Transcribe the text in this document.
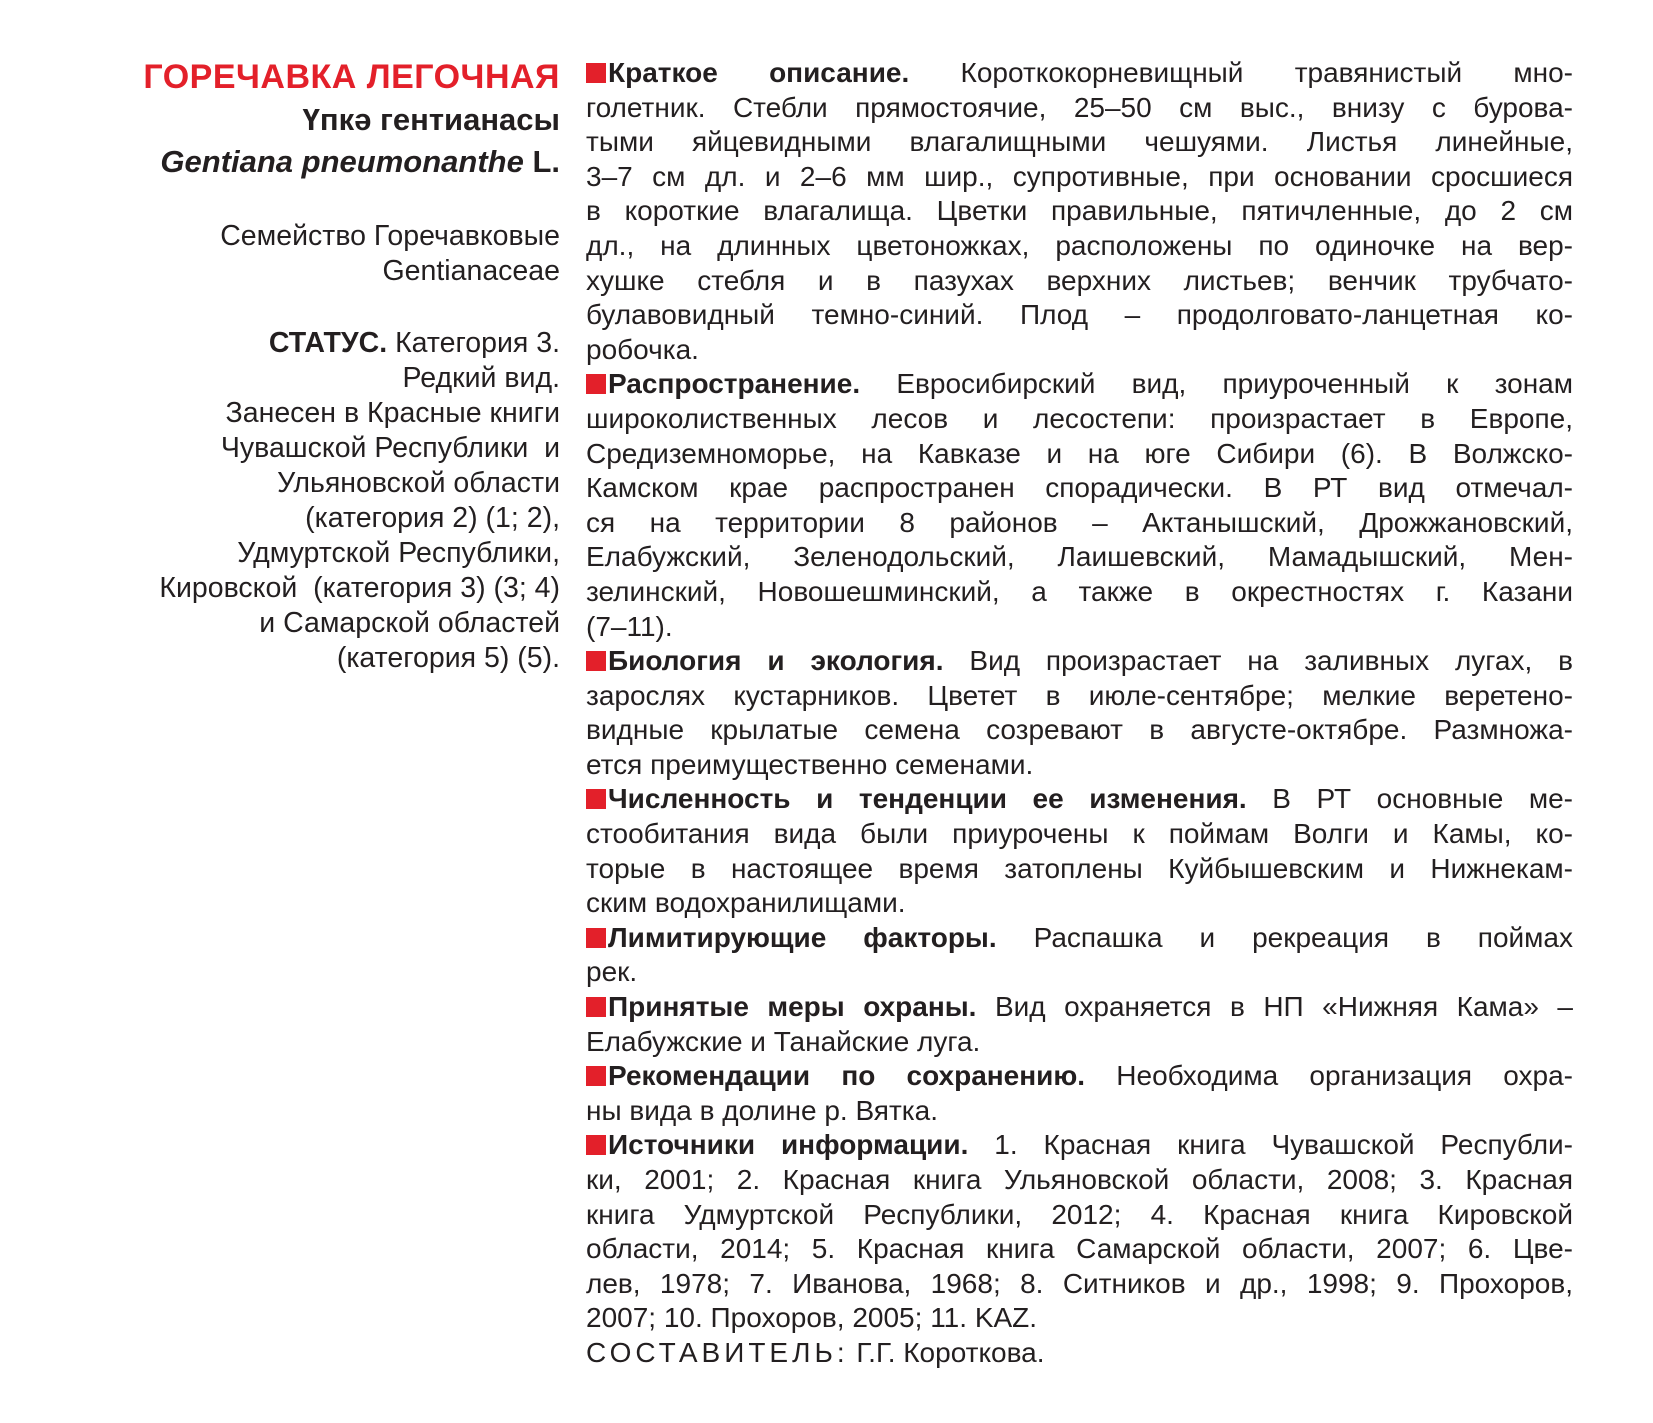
ГОРЕЧАВКА ЛЕГОЧНАЯ
Үпкә гентианасы
Gentiana pneumonanthe L.
Семейство Горечавковые
Gentianaceae
СТАТУС. Категория 3.
Редкий вид.
Занесен в Красные книги
Чувашской Республики  и
Ульяновской области
(категория 2) (1; 2),
Удмуртской Республики,
Кировской  (категория 3) (3; 4)
и Самарской областей
(категория 5) (5).
Краткое описание. Короткокорневищный травянистый мно-
голетник. Стебли прямостоячие, 25–50 см выс., внизу с бурова-
тыми яйцевидными влагалищными чешуями. Листья линейные,
3–7 см дл. и 2–6 мм шир., супротивные, при основании сросшиеся
в короткие влагалища. Цветки правильные, пятичленные, до 2 см
дл., на длинных цветоножках, расположены по одиночке на вер-
хушке стебля и в пазухах верхних листьев; венчик трубчато-
булавовидный темно-синий. Плод – продолговато-ланцетная ко-
робочка.
Распространение. Евросибирский вид, приуроченный к зонам
широколиственных лесов и лесостепи: произрастает в Европе,
Средиземноморье, на Кавказе и на юге Сибири (6). В Волжско-
Камском крае распространен спорадически. В РТ вид отмечал-
ся на территории 8 районов – Актанышский, Дрожжановский,
Елабужский, Зеленодольский, Лаишевский, Мамадышский, Мен-
зелинский, Новошешминский, а также в окрестностях г. Казани
(7–11).
Биология и экология. Вид произрастает на заливных лугах, в
зарослях кустарников. Цветет в июле-сентябре; мелкие веретено-
видные крылатые семена созревают в августе-октябре. Размножа-
ется преимущественно семенами.
Численность и тенденции ее изменения. В РТ основные ме-
стообитания вида были приурочены к поймам Волги и Камы, ко-
торые в настоящее время затоплены Куйбышевским и Нижнекам-
ским водохранилищами.
Лимитирующие факторы. Распашка и рекреация в поймах
рек.
Принятые меры охраны. Вид охраняется в НП «Нижняя Кама» –
Елабужские и Танайские луга.
Рекомендации по сохранению. Необходима организация охра-
ны вида в долине р. Вятка.
Источники информации. 1. Красная книга Чувашской Республи-
ки, 2001; 2. Красная книга Ульяновской области, 2008; 3. Красная
книга Удмуртской Республики, 2012; 4. Красная книга Кировской
области, 2014; 5. Красная книга Самарской области, 2007; 6. Цве-
лев, 1978; 7. Иванова, 1968; 8. Ситников и др., 1998; 9. Прохоров,
2007; 10. Прохоров, 2005; 11. KAZ.
СОСТАВИТЕЛЬ: Г.Г. Короткова.
